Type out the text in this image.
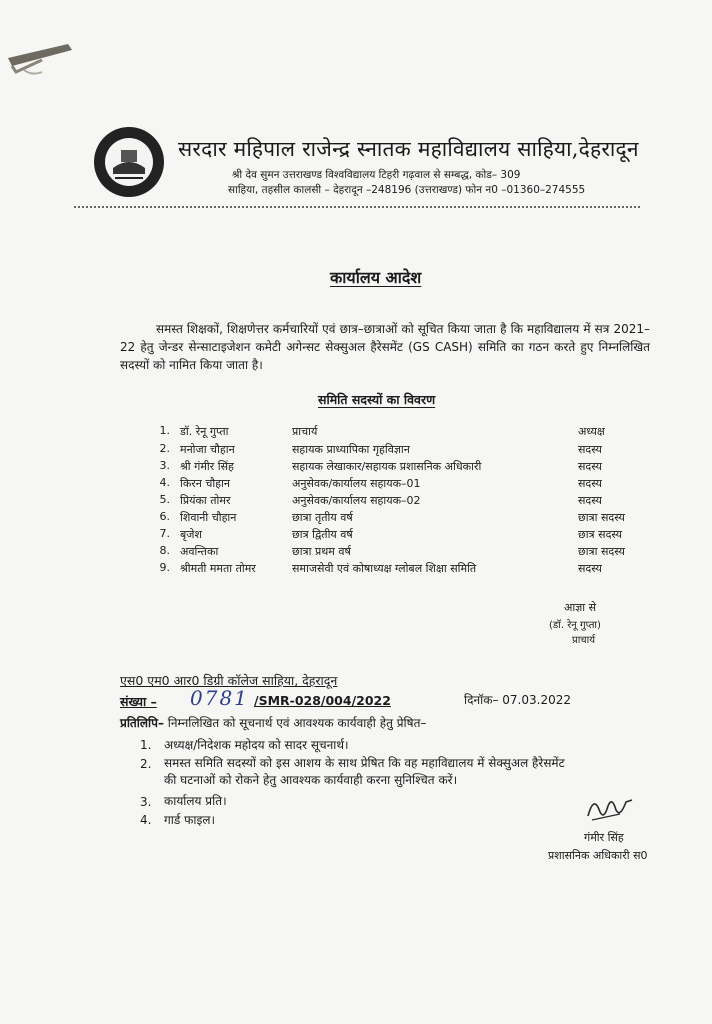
सरदार महिपाल राजेन्द्र स्नातक महाविद्यालय साहिया,देहरादून
श्री देव सुमन उत्तराखण्ड विश्वविद्यालय टिहरी गढ़वाल से सम्बद्ध, कोड– 309
साहिया, तहसील कालसी – देहरादून –248196 (उत्तराखण्ड) फोन न0 –01360–274555
कार्यालय आदेश
समस्त शिक्षकों, शिक्षणेत्तर कर्मचारियों एवं छात्र–छात्राओं को सूचित किया जाता है कि महाविद्यालय में सत्र 2021–22 हेतु जेन्डर सेन्साटाइजेशन कमेटी अगेन्सट सेक्सुअल हैरेसमेंट (GS CASH) समिति का गठन करते हुए निम्नलिखित सदस्यों को नामित किया जाता है।
समिति सदस्यों का विवरण
1. डॉ. रेनू गुप्ता	प्राचार्य	अध्यक्ष
2. मनोजा चौहान	सहायक प्राध्यापिका गृहविज्ञान	सदस्य
3. श्री गंमीर सिंह	सहायक लेखाकार/सहायक प्रशासनिक अधिकारी	सदस्य
4. किरन चौहान	अनुसेवक/कार्यालय सहायक–01	सदस्य
5. प्रियंका तोमर	अनुसेवक/कार्यालय सहायक–02	सदस्य
6. शिवानी चौहान	छात्रा तृतीय वर्ष	छात्रा सदस्य
7. बृजेश	छात्र द्वितीय वर्ष	छात्र सदस्य
8. अवन्तिका	छात्रा प्रथम वर्ष	छात्रा सदस्य
9. श्रीमती ममता तोमर	समाजसेवी एवं कोषाध्यक्ष ग्लोबल शिक्षा समिति	सदस्य
आज्ञा से
(डॉ. रेनू गुप्ता)
प्राचार्य
एस0 एम0 आर0 डिग्री कॉलेज साहिया, देहरादून
संख्या – 0781 /SMR-028/004/2022	दिनॉक– 07.03.2022
प्रतिलिपि– निम्नलिखित को सूचनार्थ एवं आवश्यक कार्यवाही हेतु प्रेषित–
1. अध्यक्ष/निदेशक महोदय को सादर सूचनार्थ।
2. समस्त समिति सदस्यों को इस आशय के साथ प्रेषित कि वह महाविद्यालय में सेक्सुअल हैरेसमेंट
की घटनाओं को रोकने हेतु आवश्यक कार्यवाही करना सुनिश्चित करें।
3. कार्यालय प्रति।
4. गार्ड फाइल।
गंमीर सिंह
प्रशासनिक अधिकारी स0
